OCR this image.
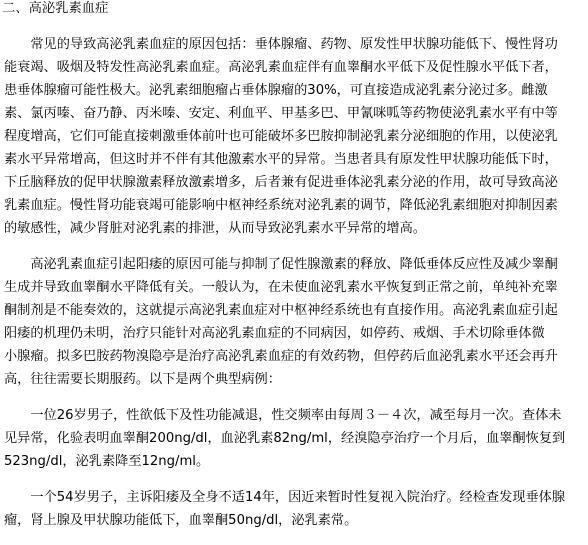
二、高泌乳素血症
　　常见的导致高泌乳素血症的原因包括：垂体腺瘤、药物、原发性甲状腺功能低下、慢性肾功
能衰竭、吸烟及特发性高泌乳素血症。高泌乳素血症伴有血睾酮水平低下及促性腺水平低下者，
患垂体腺瘤可能性极大。泌乳素细胞瘤占垂体腺瘤的30%，可直接造成泌乳素分泌过多。雌激
素、氯丙嗪、奋乃静、丙米嗪、安定、利血平、甲基多巴、甲氰咪呱等药物使泌乳素水平有中等
程度增高，它们可能直接刺激垂体前叶也可能破坏多巴胺抑制泌乳素分泌细胞的作用，以使泌乳
素水平异常增高，但这时并不伴有其他激素水平的异常。当患者具有原发性甲状腺功能低下时，
下丘脑释放的促甲状腺激素释放激素增多，后者兼有促进垂体泌乳素分泌的作用，故可导致高泌
乳素血症。慢性肾功能衰竭可能影响中枢神经系统对泌乳素的调节，降低泌乳素细胞对抑制因素
的敏感性，减少肾脏对泌乳素的排泄，从而导致泌乳素水平异常的增高。
　　高泌乳素血症引起阳痿的原因可能与抑制了促性腺激素的释放、降低垂体反应性及减少睾酮
生成并导致血睾酮水平降低有关。一般认为，在未使血泌乳素水平恢复到正常之前，单纯补充睾
酮制剂是不能奏效的，这就提示高泌乳素血症对中枢神经系统也有直接作用。高泌乳素血症引起
阳痿的机理仍未明，治疗只能针对高泌乳素血症的不同病因，如停药、戒烟、手术切除垂体微
小腺瘤。拟多巴胺药物溴隐亭是治疗高泌乳素血症的有效药物，但停药后血泌乳素水平还会再升
高，往往需要长期服药。以下是两个典型病例：
　　一位26岁男子，性欲低下及性功能减退，性交频率由每周３－４次，减至每月一次。查体未
见异常，化验表明血睾酮200ng/dl，血泌乳素82ng/ml，经溴隐亭治疗一个月后，血睾酮恢复到
523ng/dl，泌乳素降至12ng/ml。
　　一个54岁男子，主诉阳痿及全身不适14年，因近来暂时性复视入院治疗。经检查发现垂体腺
瘤，肾上腺及甲状腺功能低下，血睾酮50ng/dl，泌乳素常。
